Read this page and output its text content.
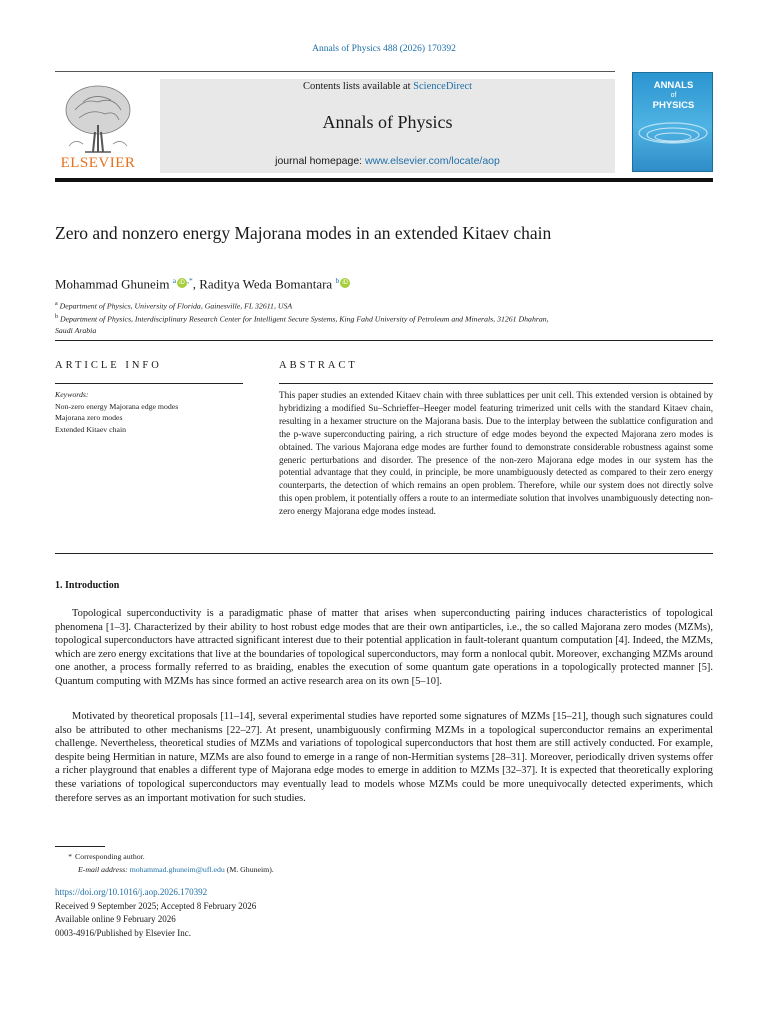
Annals of Physics 488 (2026) 170392
Contents lists available at ScienceDirect
Annals of Physics
journal homepage: www.elsevier.com/locate/aop
ELSEVIER
ANNALS
of
PHYSICS
Zero and nonzero energy Majorana modes in an extended Kitaev chain
Mohammad Ghuneim $^a$ iD ,*, Raditya Weda Bomantara $^b$ iD
$^a$ Department of Physics, University of Florida, Gainesville, FL 32611, USA
$^b$ Department of Physics, Interdisciplinary Research Center for Intelligent Secure Systems, King Fahd University of Petroleum and Minerals, 31261 Dhahran, Saudi Arabia
ARTICLE INFO
Keywords:
Non-zero energy Majorana edge modes
Majorana zero modes
Extended Kitaev chain
ABSTRACT
This paper studies an extended Kitaev chain with three sublattices per unit cell. This extended version is obtained by hybridizing a modified Su–Schrieffer–Heeger model featuring trimerized unit cells with the standard Kitaev chain, resulting in a hexamer structure on the Majorana basis. Due to the interplay between the sublattice configuration and the p-wave superconducting pairing, a rich structure of edge modes beyond the expected Majorana zero modes is obtained. The various Majorana edge modes are further found to demonstrate considerable robustness against some generic perturbations and disorder. The presence of the non-zero Majorana edge modes in our system has the potential advantage that they could, in principle, be more unambiguously detected as compared to their zero energy counterparts, the detection of which remains an open problem. Therefore, while our system does not directly solve this open problem, it potentially offers a route to an intermediate solution that involves unambiguously detecting non-zero energy Majorana edge modes instead.
1. Introduction
Topological superconductivity is a paradigmatic phase of matter that arises when superconducting pairing induces characteristics of topological phenomena [1–3]. Characterized by their ability to host robust edge modes that are their own antiparticles, i.e., the so called Majorana zero modes (MZMs), topological superconductors have attracted significant interest due to their potential application in fault-tolerant quantum computation [4]. Indeed, the MZMs, which are zero energy excitations that live at the boundaries of topological superconductors, may form a nonlocal qubit. Moreover, exchanging MZMs around one another, a process formally referred to as braiding, enables the execution of some quantum gate operations in a topologically protected manner [5]. Quantum computing with MZMs has since formed an active research area on its own [5–10].
Motivated by theoretical proposals [11–14], several experimental studies have reported some signatures of MZMs [15–21], though such signatures could also be attributed to other mechanisms [22–27]. At present, unambiguously confirming MZMs in a topological superconductor remains an experimental challenge. Nevertheless, theoretical studies of MZMs and variations of topological superconductors that host them are still actively conducted. For example, despite being Hermitian in nature, MZMs are also found to emerge in a range of non-Hermitian systems [28–31]. Moreover, periodically driven systems offer a richer playground that enables a different type of Majorana edge modes to emerge in addition to MZMs [32–37]. It is expected that theoretically exploring these variations of topological superconductors may eventually lead to models whose MZMs could be more unequivocally detected experiments, which therefore serves as an important motivation for such studies.
* Corresponding author.
E-mail address: mohammad.ghuneim@ufl.edu (M. Ghuneim).
https://doi.org/10.1016/j.aop.2026.170392
Received 9 September 2025; Accepted 8 February 2026
Available online 9 February 2026
0003-4916/Published by Elsevier Inc.
